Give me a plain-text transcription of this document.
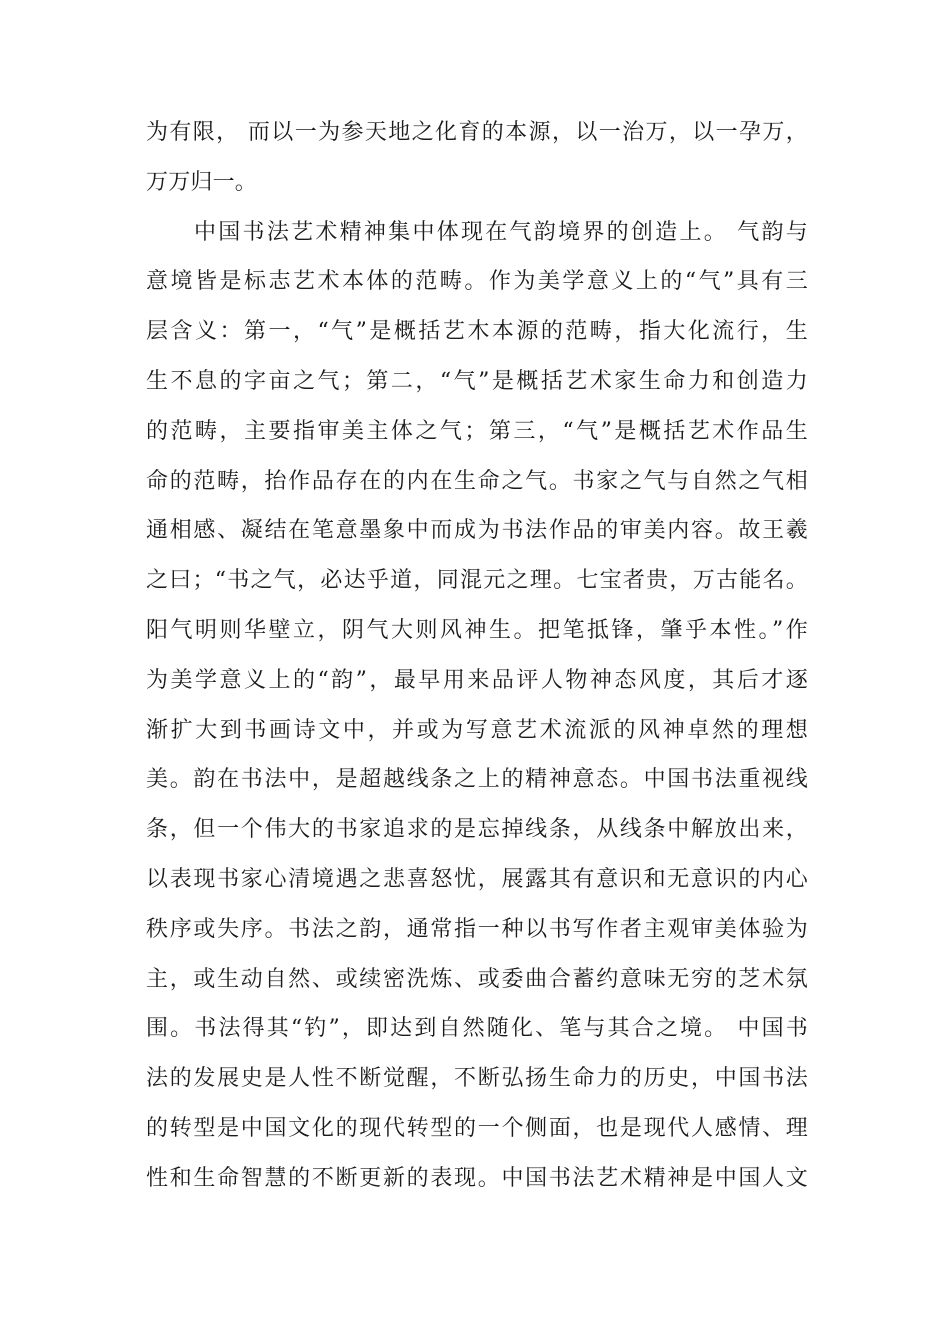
为有限， 而以一为参天地之化育的本源，以一治万，以一孕万，
万万归一。
中国书法艺术精神集中体现在气韵境界的创造上。 气韵与
意境皆是标志艺术本体的范畴。作为美学意义上的“气”具有三
层含义：第一，“气”是概括艺木本源的范畴，指大化流行，生
生不息的字亩之气；第二，“气”是概括艺术家生命力和创造力
的范畴，主要指审美主体之气；第三，“气”是概括艺术作品生
命的范畴，抬作品存在的内在生命之气。书家之气与自然之气相
通相感、凝结在笔意墨象中而成为书法作品的审美内容。故王羲
之曰；“书之气，必达乎道，同混元之理。七宝者贵，万古能名。
阳气明则华壁立，阴气大则风神生。把笔抵锋，肇乎本性。”作
为美学意义上的“韵”，最早用来品评人物神态风度，其后才逐
渐扩大到书画诗文中，并或为写意艺术流派的风神卓然的理想
美。韵在书法中，是超越线条之上的精神意态。中国书法重视线
条，但一个伟大的书家追求的是忘掉线条，从线条中解放出来，
以表现书家心清境遇之悲喜怒忧，展露其有意识和无意识的内心
秩序或失序。书法之韵，通常指一种以书写作者主观审美体验为
主，或生动自然、或续密洗炼、或委曲合蓄约意味无穷的芝术氛
围。书法得其“钓”，即达到自然随化、笔与其合之境。 中国书
法的发展史是人性不断觉醒，不断弘扬生命力的历史，中国书法
的转型是中国文化的现代转型的一个侧面，也是现代人感情、理
性和生命智慧的不断更新的表现。中国书法艺术精神是中国人文
